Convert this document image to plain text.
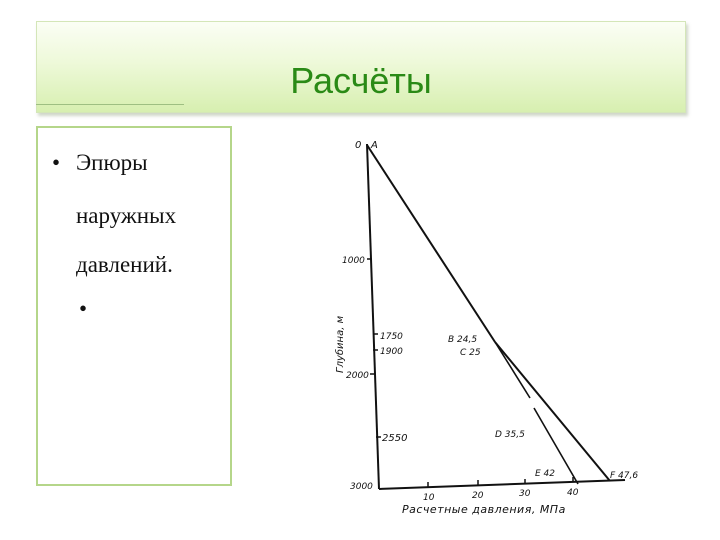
Расчёты
• Эпюры
наружных
давлений.
•
0 А
1000
2000
3000
1750
1900
2550
Глубина, м	В 24,5
С 25
D 35,5
Е 42	F 47,6
10	20	30	40
Расчетные давления, МПа
